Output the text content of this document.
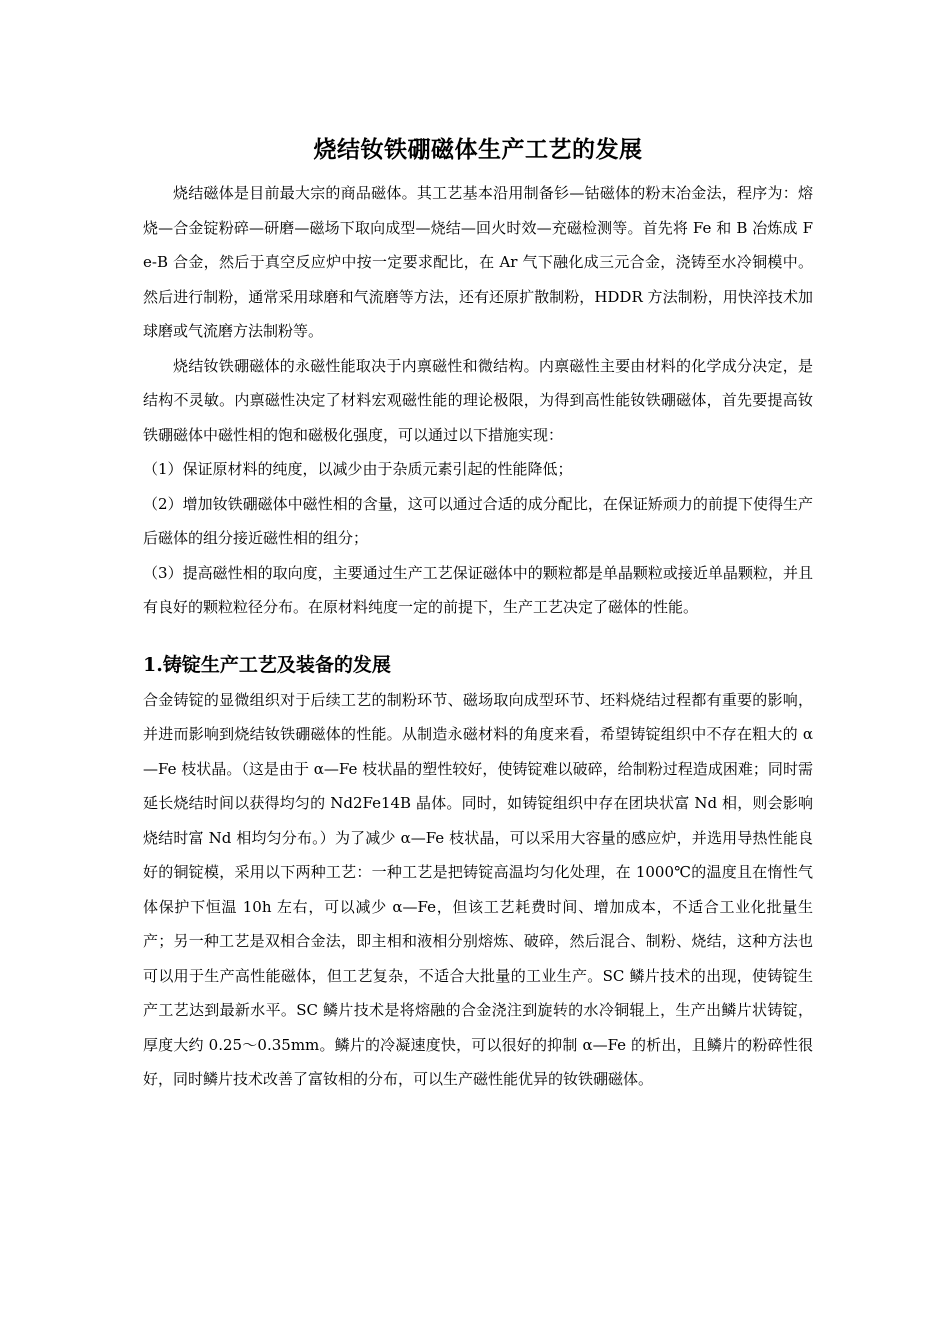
烧结钕铁硼磁体生产工艺的发展

烧结磁体是目前最大宗的商品磁体。其工艺基本沿用制备钐—钴磁体的粉末冶金法，程序为：熔烧—合金锭粉碎—研磨—磁场下取向成型—烧结—回火时效—充磁检测等。首先将 Fe 和 B 冶炼成 Fe-B 合金，然后于真空反应炉中按一定要求配比，在 Ar 气下融化成三元合金，浇铸至水冷铜模中。然后进行制粉，通常采用球磨和气流磨等方法，还有还原扩散制粉，HDDR 方法制粉，用快淬技术加球磨或气流磨方法制粉等。

烧结钕铁硼磁体的永磁性能取决于内禀磁性和微结构。内禀磁性主要由材料的化学成分决定，是结构不灵敏。内禀磁性决定了材料宏观磁性能的理论极限，为得到高性能钕铁硼磁体，首先要提高钕铁硼磁体中磁性相的饱和磁极化强度，可以通过以下措施实现：

（1）保证原材料的纯度，以减少由于杂质元素引起的性能降低；

（2）增加钕铁硼磁体中磁性相的含量，这可以通过合适的成分配比，在保证矫顽力的前提下使得生产后磁体的组分接近磁性相的组分；

（3）提高磁性相的取向度，主要通过生产工艺保证磁体中的颗粒都是单晶颗粒或接近单晶颗粒，并且有良好的颗粒粒径分布。在原材料纯度一定的前提下，生产工艺决定了磁体的性能。

1.铸锭生产工艺及装备的发展

合金铸锭的显微组织对于后续工艺的制粉环节、磁场取向成型环节、坯料烧结过程都有重要的影响，并进而影响到烧结钕铁硼磁体的性能。从制造永磁材料的角度来看，希望铸锭组织中不存在粗大的 α—Fe 枝状晶。（这是由于 α—Fe 枝状晶的塑性较好，使铸锭难以破碎，给制粉过程造成困难；同时需延长烧结时间以获得均匀的 Nd2Fe14B 晶体。同时，如铸锭组织中存在团块状富 Nd 相，则会影响烧结时富 Nd 相均匀分布。）为了减少 α—Fe 枝状晶，可以采用大容量的感应炉，并选用导热性能良好的铜锭模，采用以下两种工艺：一种工艺是把铸锭高温均匀化处理，在 1000℃的温度且在惰性气体保护下恒温 10h 左右，可以减少 α—Fe，但该工艺耗费时间、增加成本，不适合工业化批量生产；另一种工艺是双相合金法，即主相和液相分别熔炼、破碎，然后混合、制粉、烧结，这种方法也可以用于生产高性能磁体，但工艺复杂，不适合大批量的工业生产。SC 鳞片技术的出现，使铸锭生产工艺达到最新水平。SC 鳞片技术是将熔融的合金浇注到旋转的水冷铜辊上，生产出鳞片状铸锭，厚度大约 0.25～0.35mm。鳞片的冷凝速度快，可以很好的抑制 α—Fe 的析出，且鳞片的粉碎性很好，同时鳞片技术改善了富钕相的分布，可以生产磁性能优异的钕铁硼磁体。
